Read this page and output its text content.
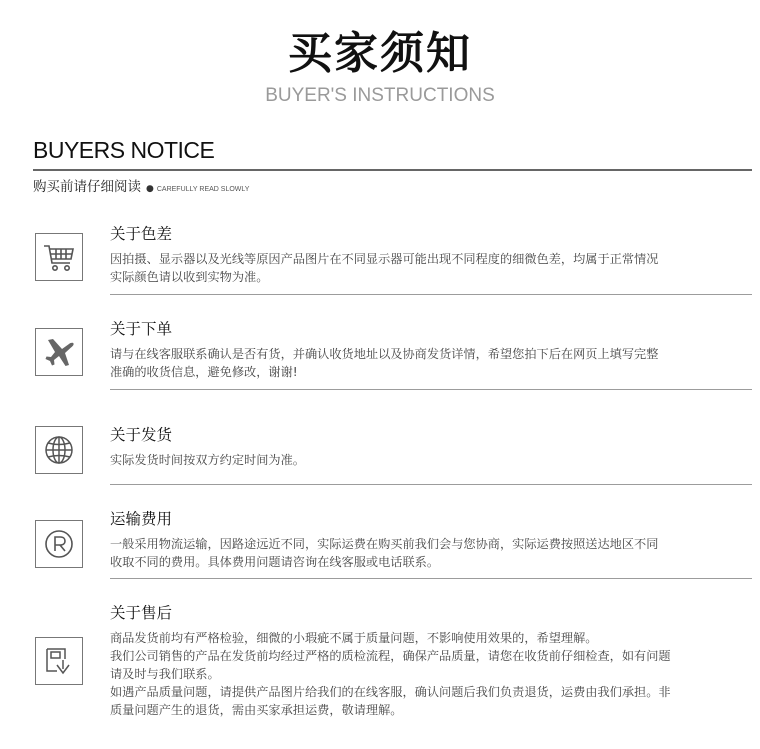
买家须知
BUYER'S INSTRUCTIONS
BUYERS NOTICE
购买前请仔细阅读 ● CAREFULLY READ SLOWLY
关于色差

因拍摄、显示器以及光线等原因产品图片在不同显示器可能出现不同程度的细微色差，均属于正常情况

实际颜色请以收到实物为准。

关于下单

请与在线客服联系确认是否有货，并确认收货地址以及协商发货详情，希望您拍下后在网页上填写完整

准确的收货信息，避免修改，谢谢!

关于发货

实际发货时间按双方约定时间为准。

运输费用

一般采用物流运输，因路途远近不同，实际运费在购买前我们会与您协商，实际运费按照送达地区不同

收取不同的费用。具体费用问题请咨询在线客服或电话联系。

关于售后

商品发货前均有严格检验，细微的小瑕疵不属于质量问题，不影响使用效果的，希望理解。

我们公司销售的产品在发货前均经过严格的质检流程，确保产品质量，请您在收货前仔细检查，如有问题

请及时与我们联系。

如遇产品质量问题，请提供产品图片给我们的在线客服，确认问题后我们负责退货，运费由我们承担。非

质量问题产生的退货，需由买家承担运费，敬请理解。
